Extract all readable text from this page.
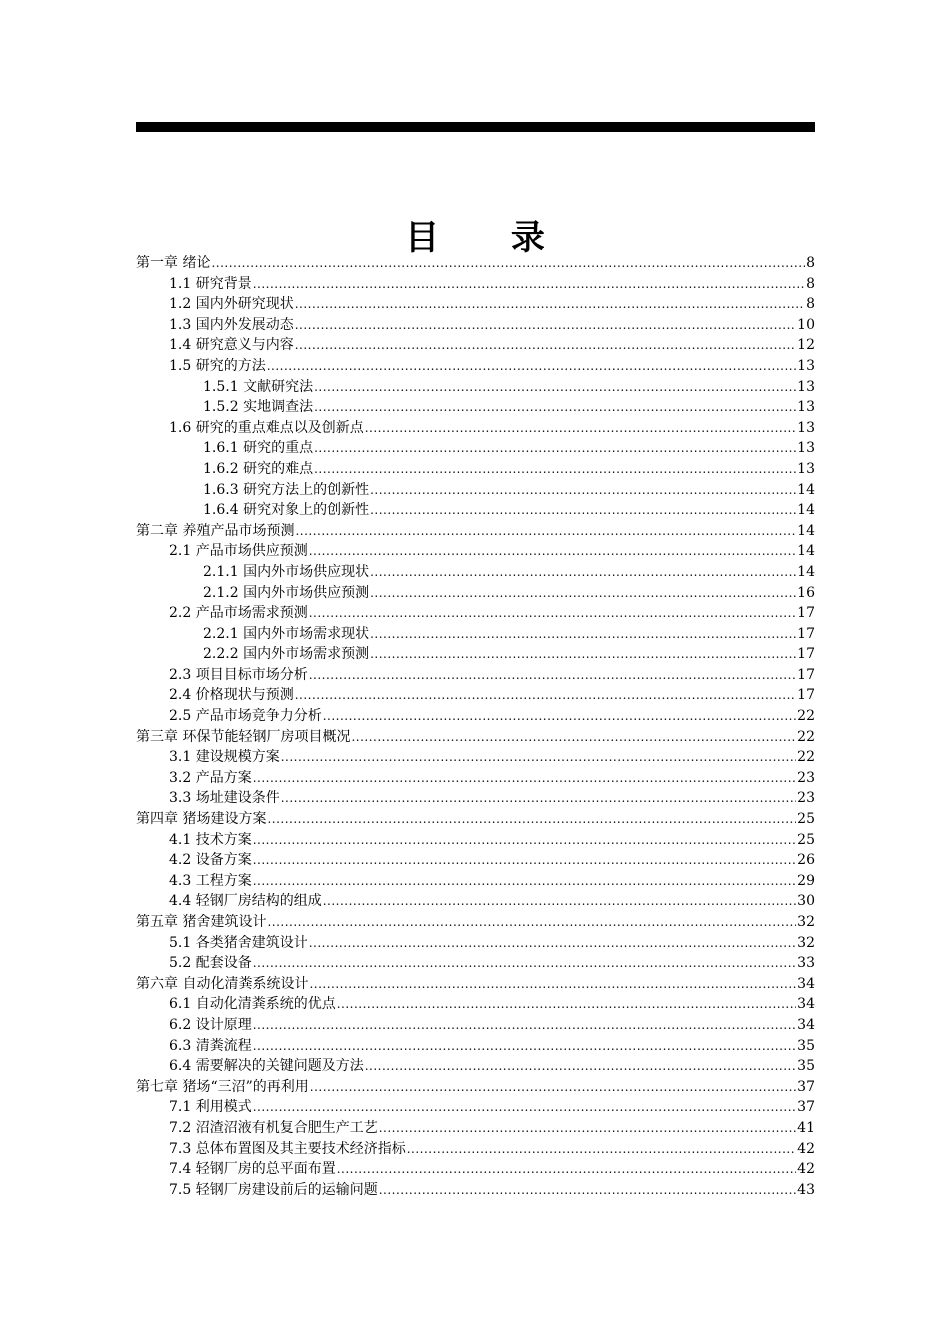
目 录
第一章 绪论 .....	8
1.1 研究背景 .....	8
1.2 国内外研究现状 .....	8
1.3 国内外发展动态 .....	10
1.4 研究意义与内容 .....	12
1.5 研究的方法 .....	13
1.5.1 文献研究法 .....	13
1.5.2 实地调查法 .....	13
1.6 研究的重点难点以及创新点 .....	13
1.6.1 研究的重点 .....	13
1.6.2 研究的难点 .....	13
1.6.3 研究方法上的创新性 .....	14
1.6.4 研究对象上的创新性 .....	14
第二章 养殖产品市场预测 .....	14
2.1 产品市场供应预测 .....	14
2.1.1 国内外市场供应现状 .....	14
2.1.2 国内外市场供应预测 .....	16
2.2 产品市场需求预测 .....	17
2.2.1 国内外市场需求现状 .....	17
2.2.2 国内外市场需求预测 .....	17
2.3 项目目标市场分析 .....	17
2.4 价格现状与预测 .....	17
2.5 产品市场竞争力分析 .....	22
第三章 环保节能轻钢厂房项目概况 .....	22
3.1 建设规模方案 .....	22
3.2 产品方案 .....	23
3.3 场址建设条件 .....	23
第四章 猪场建设方案 .....	25
4.1 技术方案 .....	25
4.2 设备方案 .....	26
4.3 工程方案 .....	29
4.4 轻钢厂房结构的组成 .....	30
第五章 猪舍建筑设计 .....	32
5.1 各类猪舍建筑设计 .....	32
5.2 配套设备 .....	33
第六章 自动化清粪系统设计 .....	34
6.1 自动化清粪系统的优点 .....	34
6.2 设计原理 .....	34
6.3 清粪流程 .....	35
6.4 需要解决的关键问题及方法 .....	35
第七章 猪场“三沼”的再利用 .....	37
7.1 利用模式 .....	37
7.2 沼渣沼液有机复合肥生产工艺 .....	41
7.3 总体布置图及其主要技术经济指标 .....	42
7.4 轻钢厂房的总平面布置 .....	42
7.5 轻钢厂房建设前后的运输问题 .....	43
